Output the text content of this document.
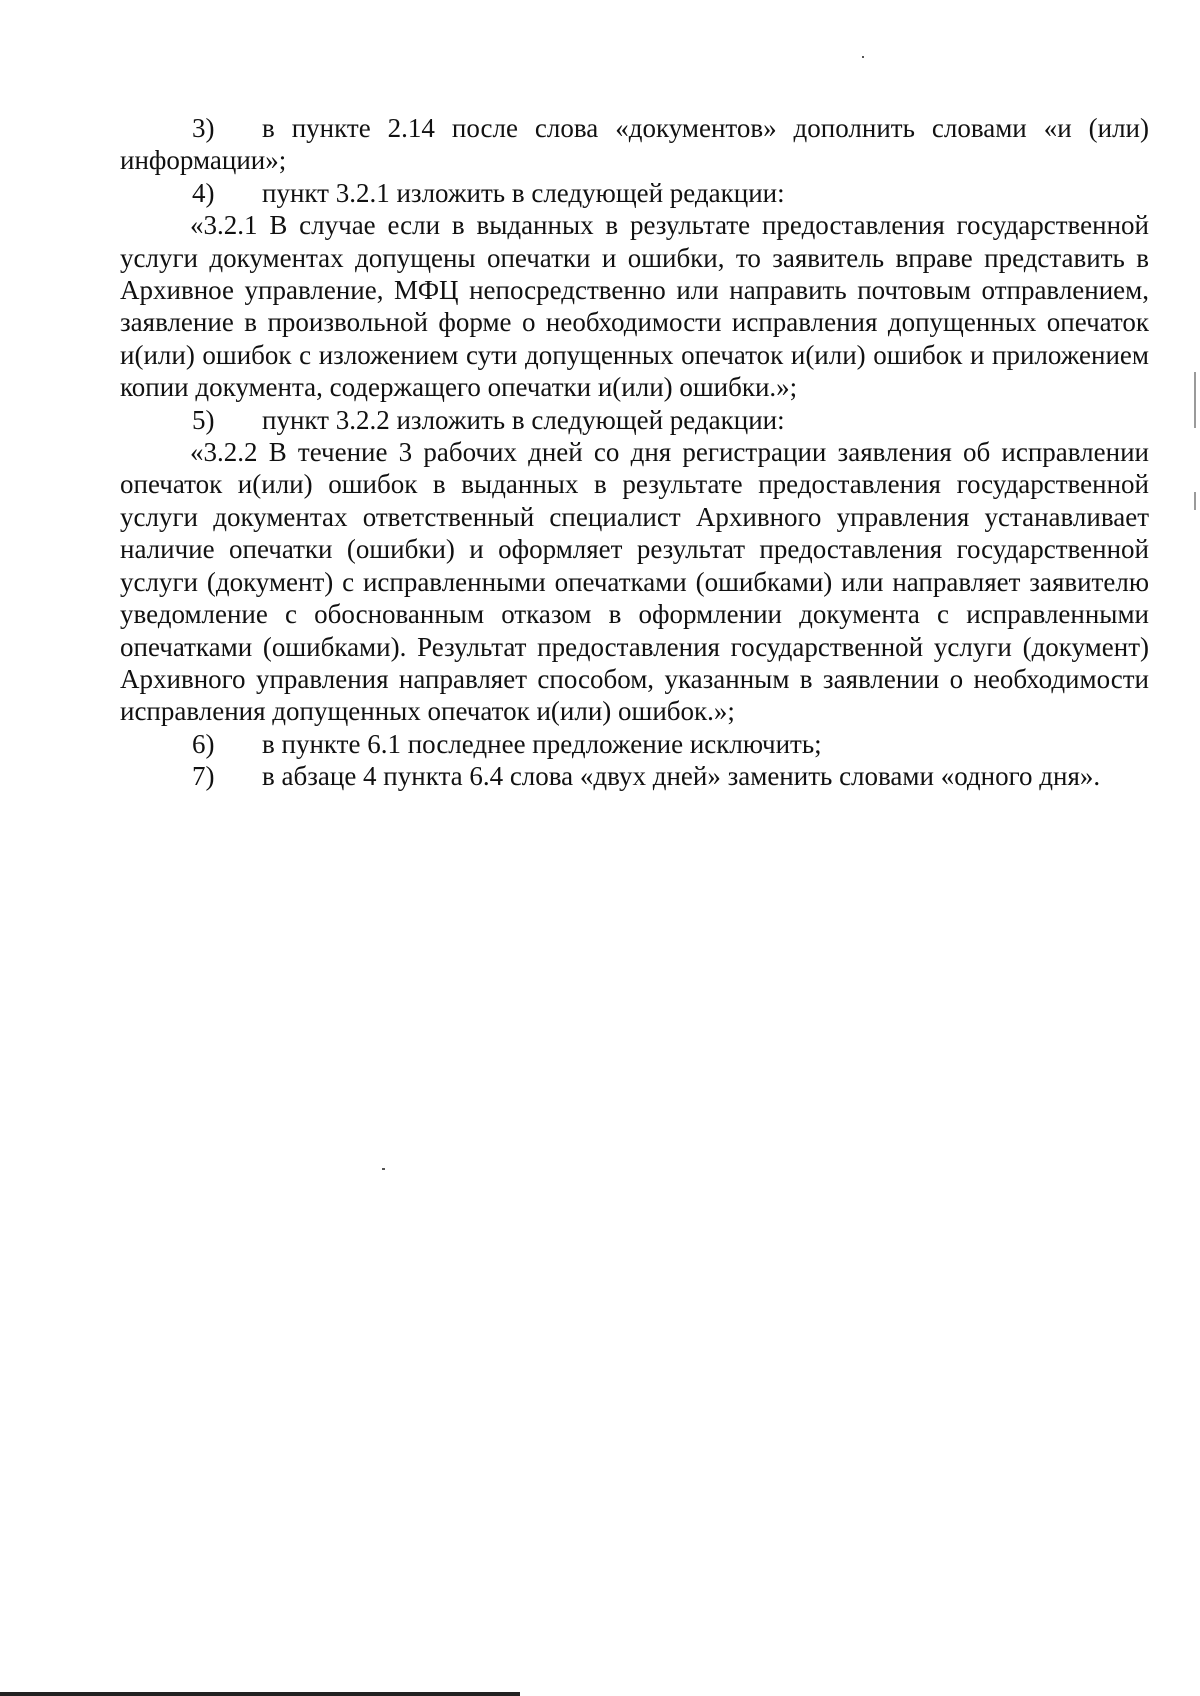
3) в пункте 2.14 после слова «документов» дополнить словами «и (или) информации»;

4) пункт 3.2.1 изложить в следующей редакции:

«3.2.1 В случае если в выданных в результате предоставления государственной услуги документах допущены опечатки и ошибки, то заявитель вправе представить в Архивное управление, МФЦ непосредственно или направить почтовым отправлением, заявление в произвольной форме о необходимости исправления допущенных опечаток и(или) ошибок с изложением сути допущенных опечаток и(или) ошибок и приложением копии документа, содержащего опечатки и(или) ошибки.»;

5) пункт 3.2.2 изложить в следующей редакции:

«3.2.2 В течение 3 рабочих дней со дня регистрации заявления об исправлении опечаток и(или) ошибок в выданных в результате предоставления государственной услуги документах ответственный специалист Архивного управления устанавливает наличие опечатки (ошибки) и оформляет результат предоставления государственной услуги (документ) с исправленными опечатками (ошибками) или направляет заявителю уведомление с обоснованным отказом в оформлении документа с исправленными опечатками (ошибками). Результат предоставления государственной услуги (документ) Архивного управления направляет способом, указанным в заявлении о необходимости исправления допущенных опечаток и(или) ошибок.»;

6) в пункте 6.1 последнее предложение исключить;

7) в абзаце 4 пункта 6.4 слова «двух дней» заменить словами «одного дня».
